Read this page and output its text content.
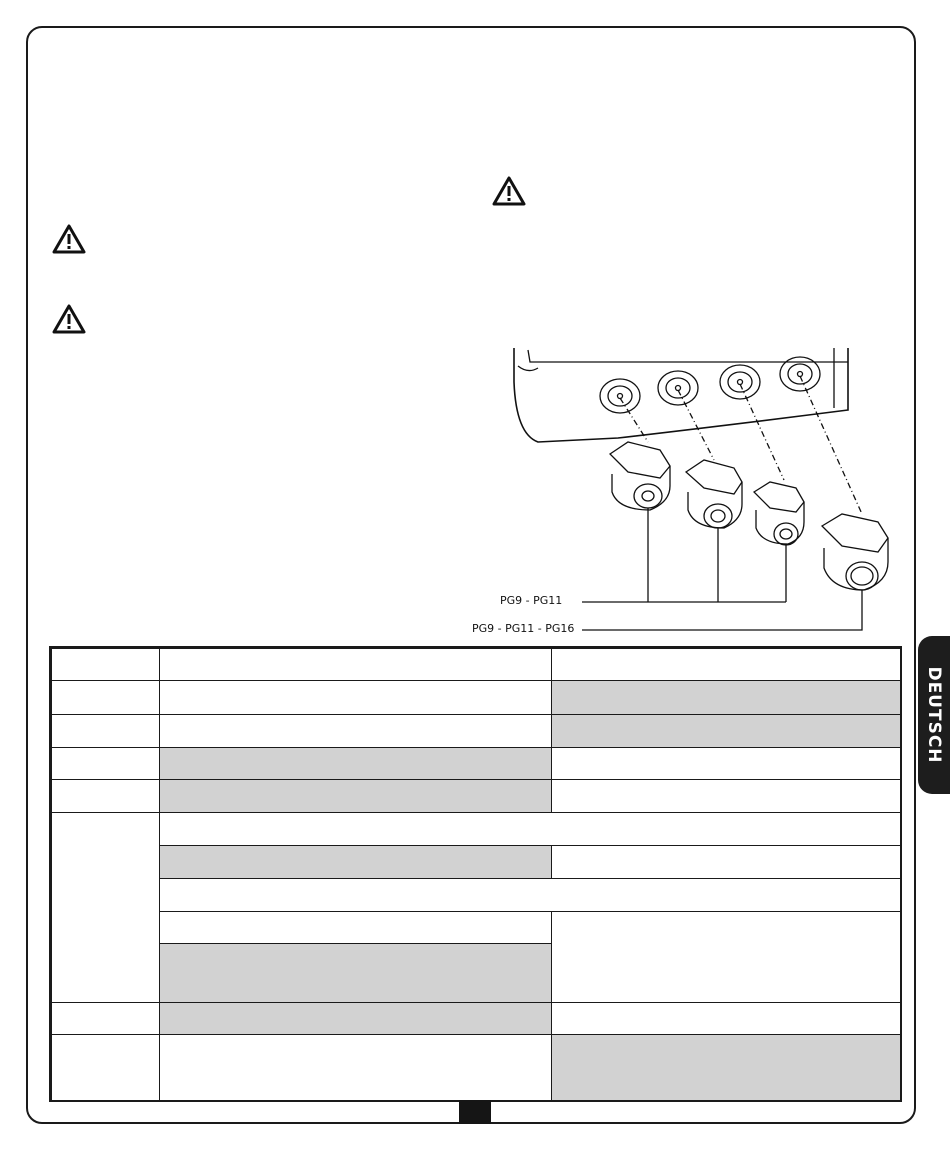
PG9 - PG11
PG9 - PG11 - PG16

DEUTSCH
